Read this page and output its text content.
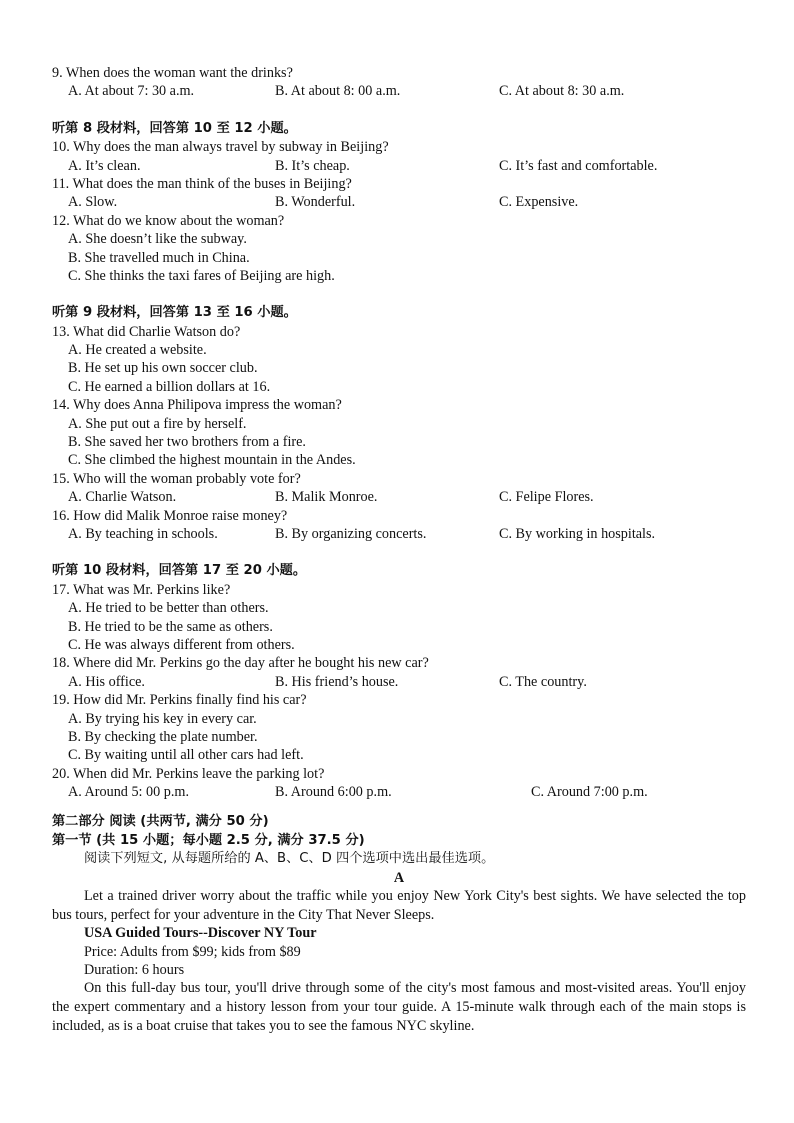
9. When does the woman want the drinks?
A. At about 7: 30 a.m.	B. At about 8: 00 a.m.	C. At about 8: 30 a.m.
听第 8 段材料，回答第 10 至 12 小题。
10. Why does the man always travel by subway in Beijing?
A. It’s clean.	B. It’s cheap.	C. It’s fast and comfortable.
11. What does the man think of the buses in Beijing?
A. Slow.	B. Wonderful.	C. Expensive.
12. What do we know about the woman?
A. She doesn’t like the subway.
B. She travelled much in China.
C. She thinks the taxi fares of Beijing are high.
听第 9 段材料，回答第 13 至 16 小题。
13. What did Charlie Watson do?
A. He created a website.
B. He set up his own soccer club.
C. He earned a billion dollars at 16.
14. Why does Anna Philipova impress the woman?
A. She put out a fire by herself.
B. She saved her two brothers from a fire.
C. She climbed the highest mountain in the Andes.
15. Who will the woman probably vote for?
A. Charlie Watson.	B. Malik Monroe.	C. Felipe Flores.
16. How did Malik Monroe raise money?
A. By teaching in schools.	B. By organizing concerts.	C. By working in hospitals.
听第 10 段材料，回答第 17 至 20 小题。
17. What was Mr. Perkins like?
A. He tried to be better than others.
B. He tried to be the same as others.
C. He was always different from others.
18. Where did Mr. Perkins go the day after he bought his new car?
A. His office.	B. His friend’s house.	C. The country.
19. How did Mr. Perkins finally find his car?
A. By trying his key in every car.
B. By checking the plate number.
C. By waiting until all other cars had left.
20. When did Mr. Perkins leave the parking lot?
A. Around 5: 00 p.m.	B. Around 6:00 p.m.	C. Around 7:00 p.m.
第二部分 阅读 (共两节, 满分 50 分)
第一节 (共 15 小题；每小题 2.5 分, 满分 37.5 分)
阅读下列短文, 从每题所给的 A、B、C、D 四个选项中选出最佳选项。
A
Let a trained driver worry about the traffic while you enjoy New York City's best sights. We have selected the top bus tours, perfect for your adventure in the City That Never Sleeps.
USA Guided Tours--Discover NY Tour
Price: Adults from $99; kids from $89
Duration: 6 hours
On this full-day bus tour, you'll drive through some of the city's most famous and most-visited areas. You'll enjoy the expert commentary and a history lesson from your tour guide. A 15-minute walk through each of the main stops is included, as is a boat cruise that takes you to see the famous NYC skyline.
